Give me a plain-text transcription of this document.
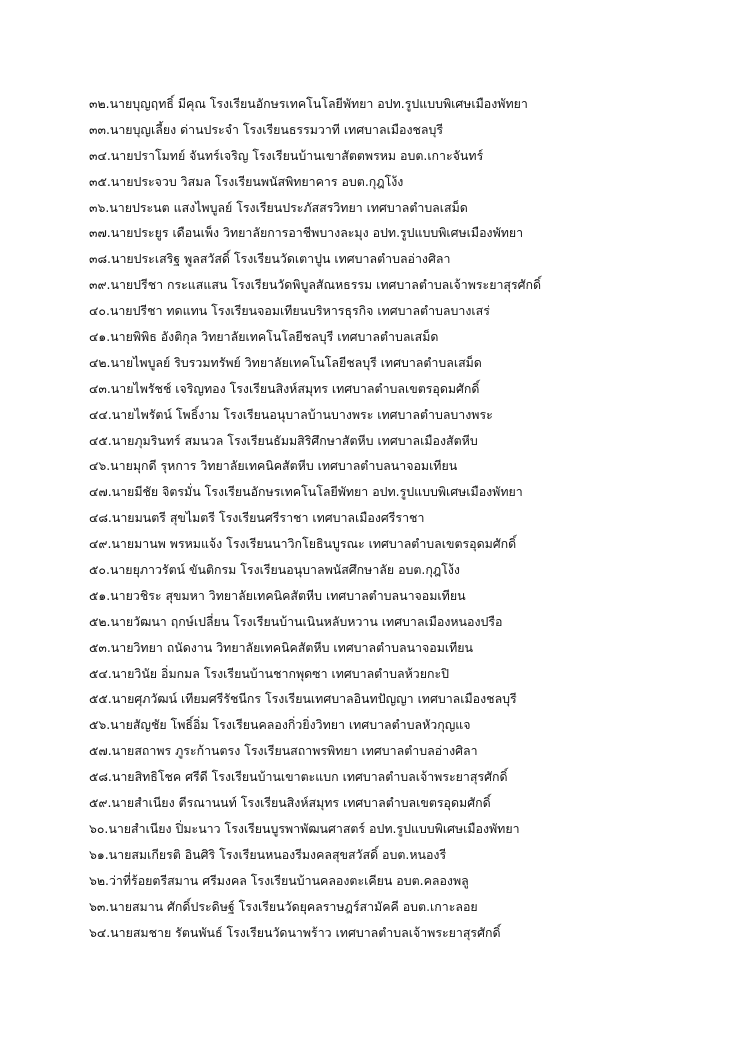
๓๒.นายบุญฤทธิ์ มีคุณ โรงเรียนอักษรเทคโนโลยีพัทยา อปท.รูปแบบพิเศษเมืองพัทยา
๓๓.นายบุญเลี้ยง ด่านประจำ โรงเรียนธรรมวาที เทศบาลเมืองชลบุรี
๓๔.นายปราโมทย์ จันทร์เจริญ โรงเรียนบ้านเขาสัตตพรหม อบต.เกาะจันทร์
๓๕.นายประจวบ วิสมล โรงเรียนพนัสพิทยาคาร อบต.กุฎโง้ง
๓๖.นายประนต แสงไพบูลย์ โรงเรียนประภัสสรวิทยา เทศบาลตำบลเสม็ด
๓๗.นายประยูร เดือนเพ็ง วิทยาลัยการอาชีพบางละมุง อปท.รูปแบบพิเศษเมืองพัทยา
๓๘.นายประเสริฐ พูลสวัสดิ์ โรงเรียนวัดเตาปูน เทศบาลตำบลอ่างศิลา
๓๙.นายปรีชา กระแสแสน โรงเรียนวัดพิบูลสัณหธรรม เทศบาลตำบลเจ้าพระยาสุรศักดิ์
๔๐.นายปรีชา ทดแทน โรงเรียนจอมเทียนบริหารธุรกิจ เทศบาลตำบลบางเสร่
๔๑.นายพิพิธ อังติกุล วิทยาลัยเทคโนโลยีชลบุรี เทศบาลตำบลเสม็ด
๔๒.นายไพบูลย์ ริบรวมทรัพย์ วิทยาลัยเทคโนโลยีชลบุรี เทศบาลตำบลเสม็ด
๔๓.นายไพรัชช์ เจริญทอง โรงเรียนสิงห์สมุทร เทศบาลตำบลเขตรอุดมศักดิ์
๔๔.นายไพรัตน์ โพธิ์งาม โรงเรียนอนุบาลบ้านบางพระ เทศบาลตำบลบางพระ
๔๕.นายภุมรินทร์ สมนวล โรงเรียนธัมมสิริศึกษาสัตหีบ เทศบาลเมืองสัตหีบ
๔๖.นายมุกดี รุหการ วิทยาลัยเทคนิคสัตหีบ เทศบาลตำบลนาจอมเทียน
๔๗.นายมีชัย จิตรมั่น โรงเรียนอักษรเทคโนโลยีพัทยา อปท.รูปแบบพิเศษเมืองพัทยา
๔๘.นายมนตรี สุขไมตรี โรงเรียนศรีราชา เทศบาลเมืองศรีราชา
๔๙.นายมานพ พรหมแจ้ง โรงเรียนนาวิกโยธินบูรณะ เทศบาลตำบลเขตรอุดมศักดิ์
๕๐.นายยุภาวรัตน์ ขันติกรม โรงเรียนอนุบาลพนัสศึกษาลัย อบต.กุฎโง้ง
๕๑.นายวชิระ สุขมหา วิทยาลัยเทคนิคสัตหีบ เทศบาลตำบลนาจอมเทียน
๕๒.นายวัฒนา ฤกษ์เปลี่ยน โรงเรียนบ้านเนินหลับหวาน เทศบาลเมืองหนองปรือ
๕๓.นายวิทยา ถนัดงาน วิทยาลัยเทคนิคสัตหีบ เทศบาลตำบลนาจอมเทียน
๕๔.นายวินัย อิ่มกมล โรงเรียนบ้านชากพุดซา เทศบาลตำบลห้วยกะปิ
๕๕.นายศุภวัฒน์ เทียมศรีรัชนีกร โรงเรียนเทศบาลอินทปัญญา เทศบาลเมืองชลบุรี
๕๖.นายสัญชัย โพธิ์อิ่ม โรงเรียนคลองกิ่วยิ่งวิทยา เทศบาลตำบลหัวกุญแจ
๕๗.นายสถาพร ภูระก้านตรง โรงเรียนสถาพรพิทยา เทศบาลตำบลอ่างศิลา
๕๘.นายสิทธิโชค ศรีดี โรงเรียนบ้านเขาตะแบก เทศบาลตำบลเจ้าพระยาสุรศักดิ์
๕๙.นายสำเนียง ตีรณานนท์ โรงเรียนสิงห์สมุทร เทศบาลตำบลเขตรอุดมศักดิ์
๖๐.นายสำเนียง ปิ่มะนาว โรงเรียนบูรพาพัฒนศาสตร์ อปท.รูปแบบพิเศษเมืองพัทยา
๖๑.นายสมเกียรติ อินศิริ โรงเรียนหนองรีมงคลสุขสวัสดิ์ อบต.หนองรี
๖๒.ว่าที่ร้อยตรีสมาน ศรีมงคล โรงเรียนบ้านคลองตะเคียน อบต.คลองพลู
๖๓.นายสมาน ศักดิ์ประดิษฐ์ โรงเรียนวัดยุคลราษฎร์สามัคคี อบต.เกาะลอย
๖๔.นายสมชาย รัตนพันธ์ โรงเรียนวัดนาพร้าว เทศบาลตำบลเจ้าพระยาสุรศักดิ์
